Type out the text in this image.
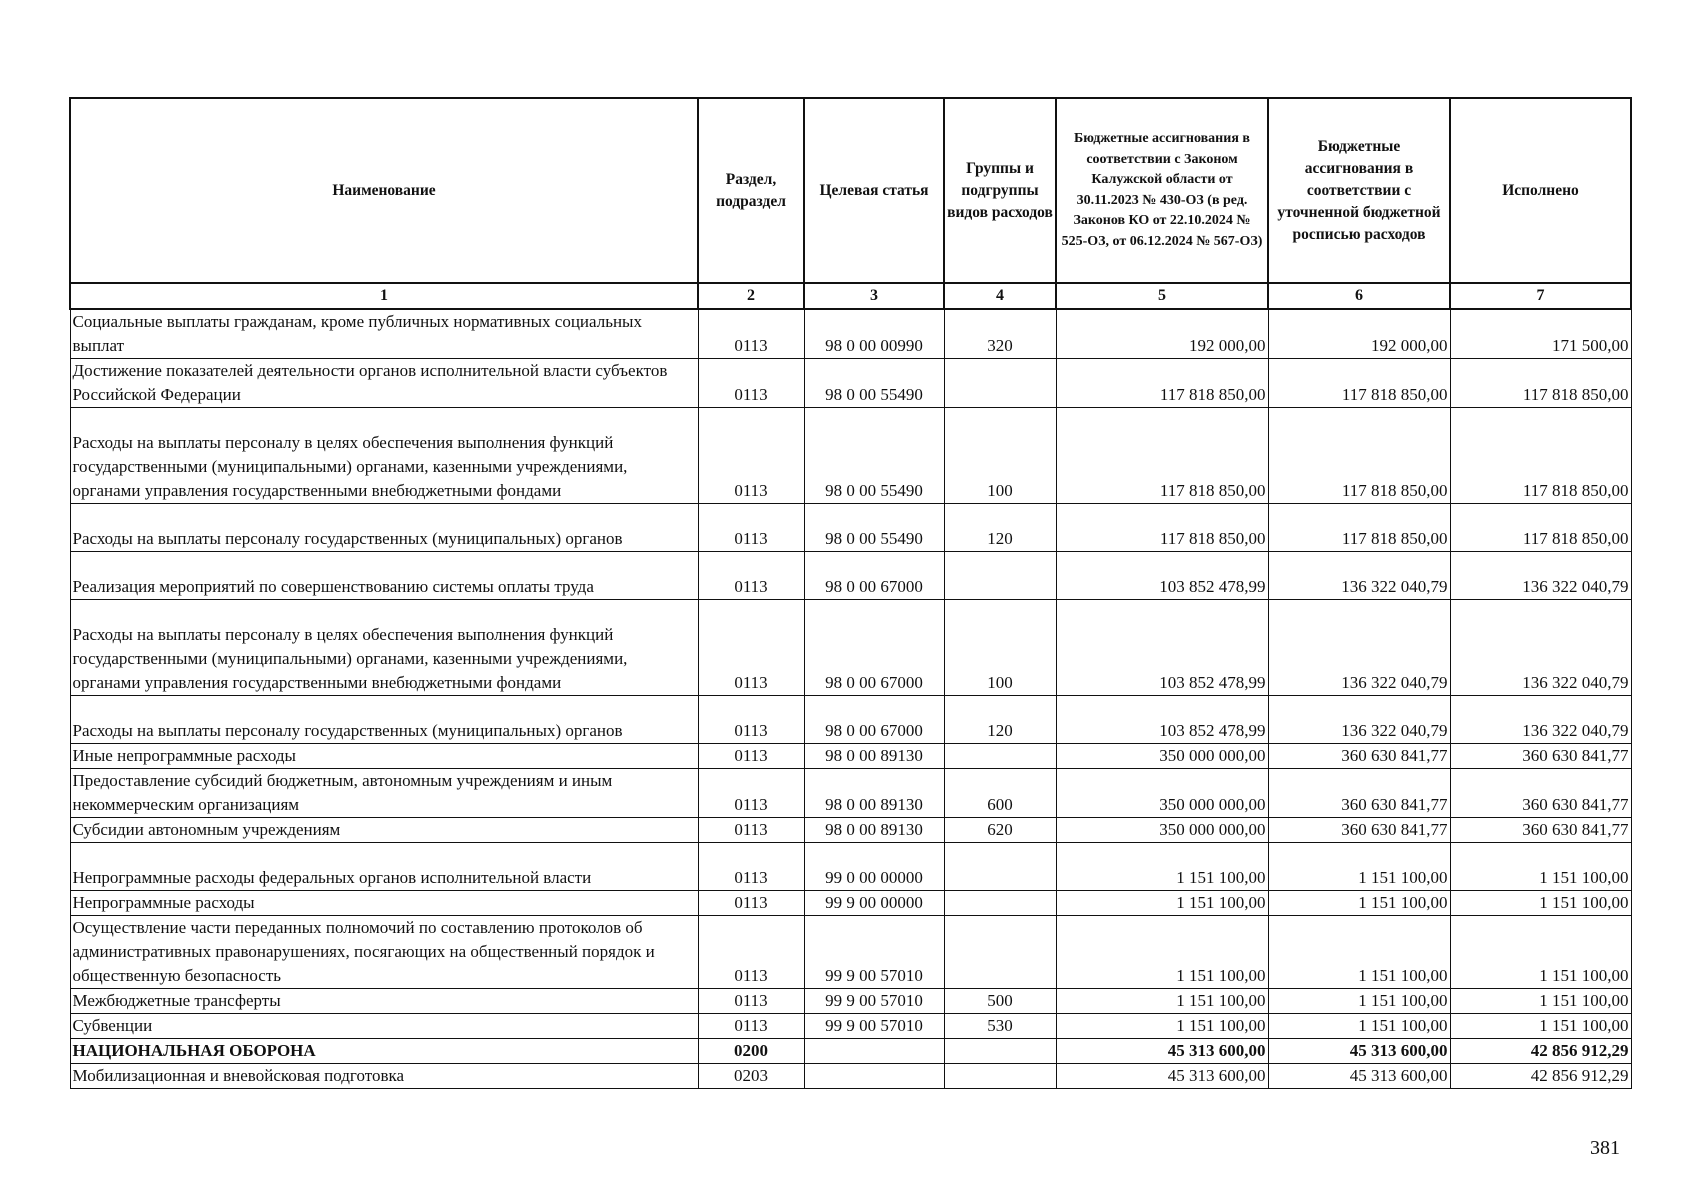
Наименование	Раздел, подраздел	Целевая статья	Группы и подгруппы видов расходов	Бюджетные ассигнования в соответствии с Законом Калужской области от 30.11.2023 № 430-ОЗ (в ред. Законов КО от 22.10.2024 № 525-ОЗ, от 06.12.2024 № 567-ОЗ)	Бюджетные ассигнования в соответствии с уточненной бюджетной росписью расходов	Исполнено
1	2	3	4	5	6	7
Социальные выплаты гражданам, кроме публичных нормативных социальных выплат	0113	98 0 00 00990	320	192 000,00	192 000,00	171 500,00
Достижение показателей деятельности органов исполнительной власти субъектов Российской Федерации	0113	98 0 00 55490		117 818 850,00	117 818 850,00	117 818 850,00
Расходы на выплаты персоналу в целях обеспечения выполнения функций государственными (муниципальными) органами, казенными учреждениями, органами управления государственными внебюджетными фондами	0113	98 0 00 55490	100	117 818 850,00	117 818 850,00	117 818 850,00
Расходы на выплаты персоналу государственных (муниципальных) органов	0113	98 0 00 55490	120	117 818 850,00	117 818 850,00	117 818 850,00
Реализация мероприятий по совершенствованию системы оплаты труда	0113	98 0 00 67000		103 852 478,99	136 322 040,79	136 322 040,79
Расходы на выплаты персоналу в целях обеспечения выполнения функций государственными (муниципальными) органами, казенными учреждениями, органами управления государственными внебюджетными фондами	0113	98 0 00 67000	100	103 852 478,99	136 322 040,79	136 322 040,79
Расходы на выплаты персоналу государственных (муниципальных) органов	0113	98 0 00 67000	120	103 852 478,99	136 322 040,79	136 322 040,79
Иные непрограммные расходы	0113	98 0 00 89130		350 000 000,00	360 630 841,77	360 630 841,77
Предоставление субсидий бюджетным, автономным учреждениям и иным некоммерческим организациям	0113	98 0 00 89130	600	350 000 000,00	360 630 841,77	360 630 841,77
Субсидии автономным учреждениям	0113	98 0 00 89130	620	350 000 000,00	360 630 841,77	360 630 841,77
Непрограммные расходы федеральных органов исполнительной власти	0113	99 0 00 00000		1 151 100,00	1 151 100,00	1 151 100,00
Непрограммные расходы	0113	99 9 00 00000		1 151 100,00	1 151 100,00	1 151 100,00
Осуществление части переданных полномочий по составлению протоколов об административных правонарушениях, посягающих на общественный порядок и общественную безопасность	0113	99 9 00 57010		1 151 100,00	1 151 100,00	1 151 100,00
Межбюджетные трансферты	0113	99 9 00 57010	500	1 151 100,00	1 151 100,00	1 151 100,00
Субвенции	0113	99 9 00 57010	530	1 151 100,00	1 151 100,00	1 151 100,00
НАЦИОНАЛЬНАЯ ОБОРОНА	0200			45 313 600,00	45 313 600,00	42 856 912,29
Мобилизационная и вневойсковая подготовка	0203			45 313 600,00	45 313 600,00	42 856 912,29
381
